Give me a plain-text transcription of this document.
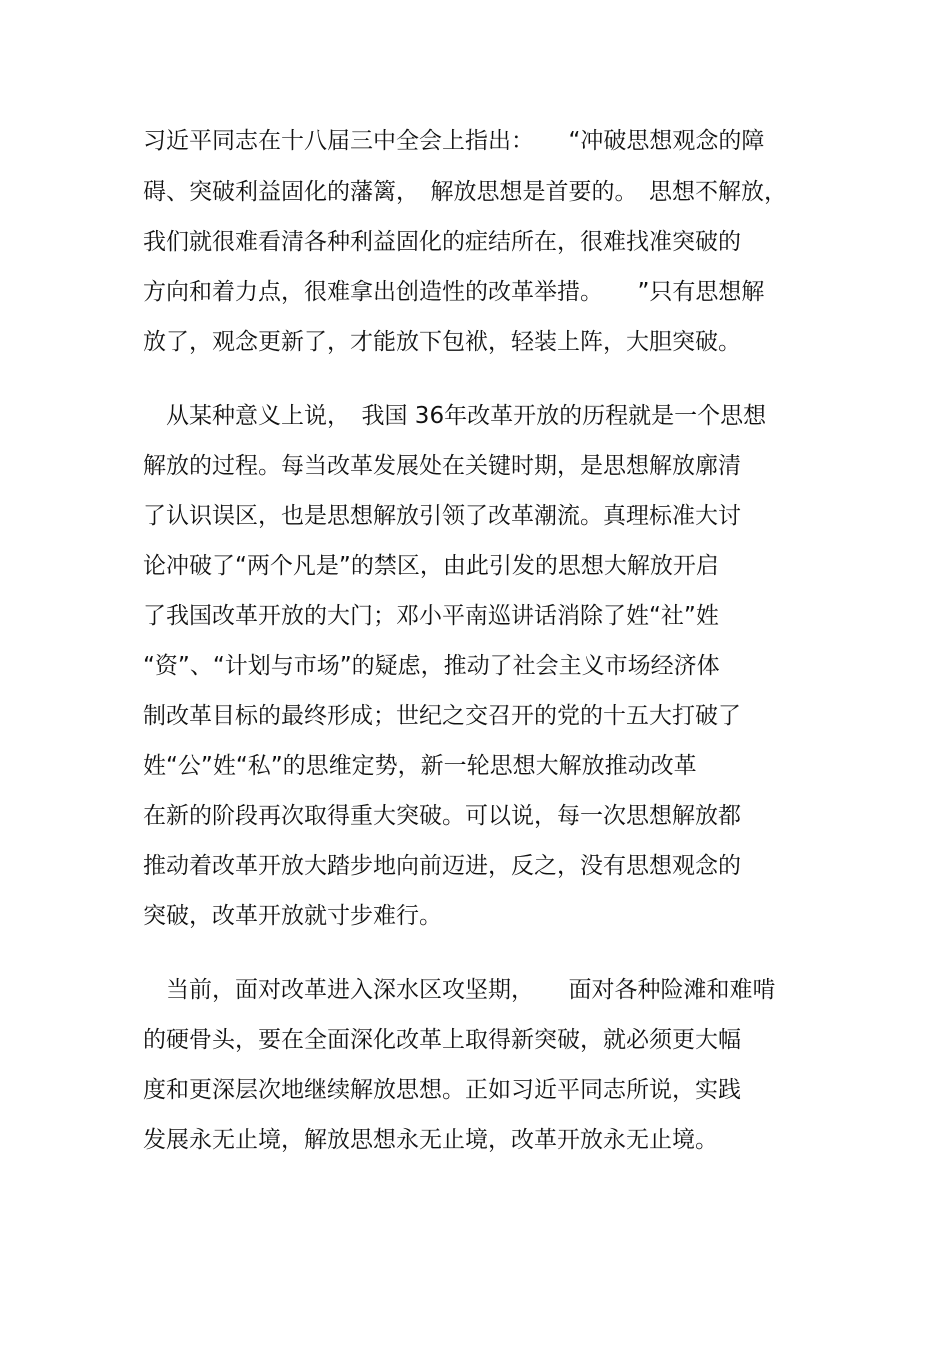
习近平同志在十八届三中全会上指出：　　“冲破思想观念的障
碍、突破利益固化的藩篱，　解放思想是首要的。　思想不解放，
我们就很难看清各种利益固化的症结所在，很难找准突破的
方向和着力点，很难拿出创造性的改革举措。　　”只有思想解
放了，观念更新了，才能放下包袱，轻装上阵，大胆突破。
　从某种意义上说，　我国 36年改革开放的历程就是一个思想
解放的过程。每当改革发展处在关键时期，是思想解放廓清
了认识误区，也是思想解放引领了改革潮流。真理标准大讨
论冲破了“两个凡是”的禁区，由此引发的思想大解放开启
了我国改革开放的大门；邓小平南巡讲话消除了姓“社”姓
“资”、“计划与市场”的疑虑，推动了社会主义市场经济体
制改革目标的最终形成；世纪之交召开的党的十五大打破了
姓“公”姓“私”的思维定势，新一轮思想大解放推动改革
在新的阶段再次取得重大突破。可以说，每一次思想解放都
推动着改革开放大踏步地向前迈进，反之，没有思想观念的
突破，改革开放就寸步难行。
　当前，面对改革进入深水区攻坚期，　　面对各种险滩和难啃
的硬骨头，要在全面深化改革上取得新突破，就必须更大幅
度和更深层次地继续解放思想。正如习近平同志所说，实践
发展永无止境，解放思想永无止境，改革开放永无止境。
